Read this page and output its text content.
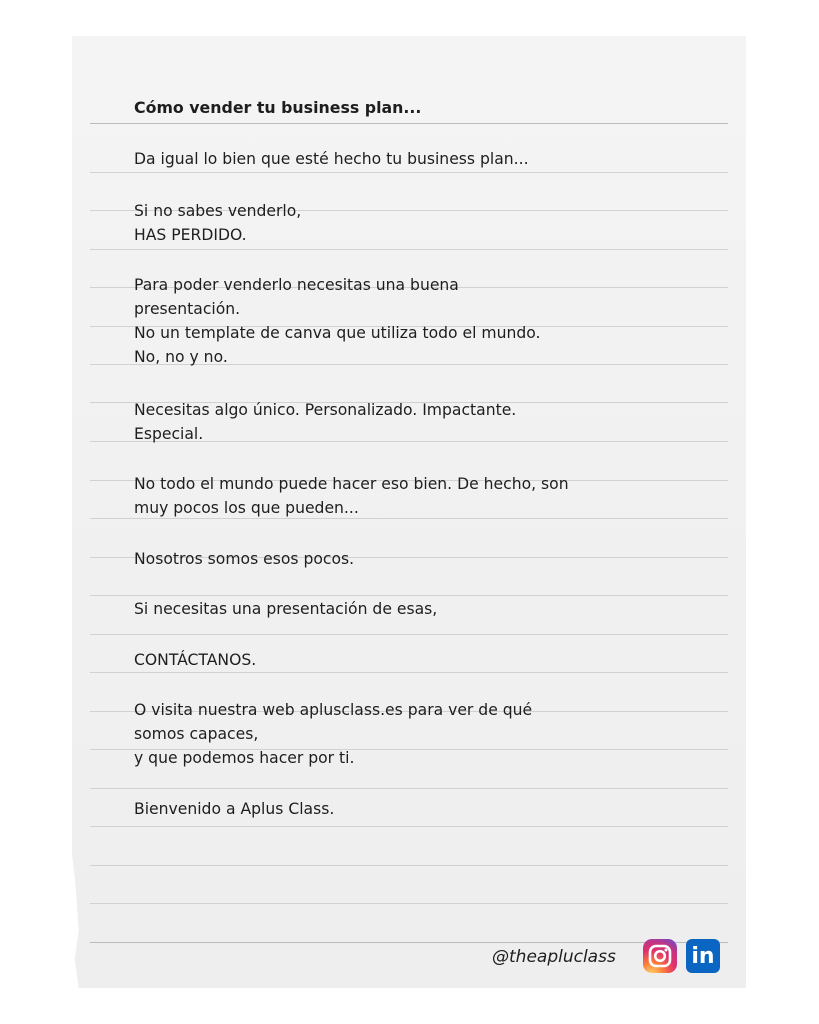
Cómo vender tu business plan...
Da igual lo bien que esté hecho tu business plan...
Si no sabes venderlo,
HAS PERDIDO.
Para poder venderlo necesitas una buena
presentación.
No un template de canva que utiliza todo el mundo.
No, no y no.
Necesitas algo único. Personalizado. Impactante.
Especial.
No todo el mundo puede hacer eso bien. De hecho, son
muy pocos los que pueden...
Nosotros somos esos pocos.
Si necesitas una presentación de esas,
CONTÁCTANOS.
O visita nuestra web aplusclass.es para ver de qué
somos capaces,
y que podemos hacer por ti.
Bienvenido a Aplus Class.
@theapluclass	in
